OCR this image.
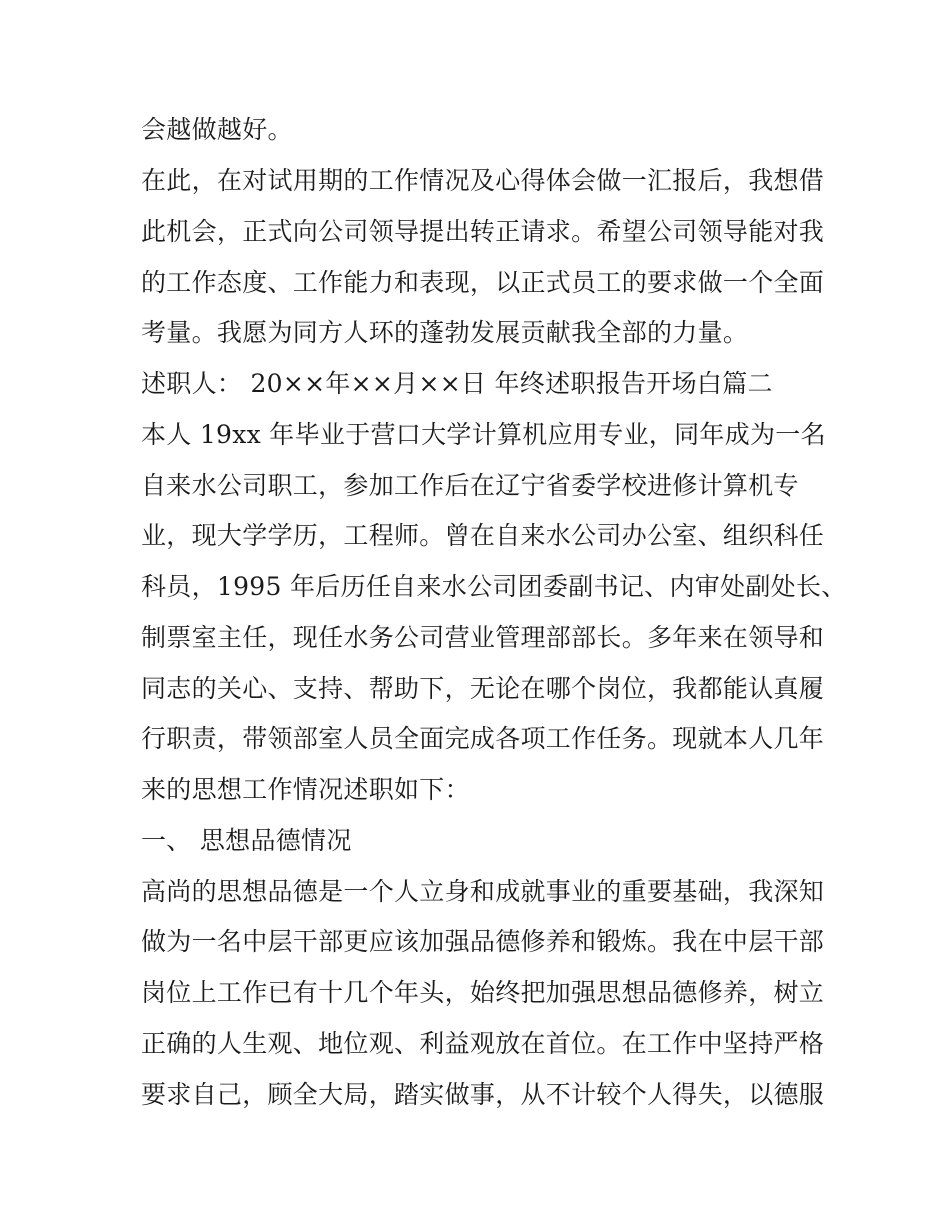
会越做越好。
在此，在对试用期的工作情况及心得体会做一汇报后，我想借
此机会，正式向公司领导提出转正请求。希望公司领导能对我
的工作态度、工作能力和表现，以正式员工的要求做一个全面
考量。我愿为同方人环的蓬勃发展贡献我全部的力量。
述职人： 20××年××月××日 年终述职报告开场白篇二
本人 19xx 年毕业于营口大学计算机应用专业，同年成为一名
自来水公司职工，参加工作后在辽宁省委学校进修计算机专
业，现大学学历，工程师。曾在自来水公司办公室、组织科任
科员，1995 年后历任自来水公司团委副书记、内审处副处长、
制票室主任，现任水务公司营业管理部部长。多年来在领导和
同志的关心、支持、帮助下，无论在哪个岗位，我都能认真履
行职责，带领部室人员全面完成各项工作任务。现就本人几年
来的思想工作情况述职如下：
一、 思想品德情况
高尚的思想品德是一个人立身和成就事业的重要基础，我深知
做为一名中层干部更应该加强品德修养和锻炼。我在中层干部
岗位上工作已有十几个年头，始终把加强思想品德修养，树立
正确的人生观、地位观、利益观放在首位。在工作中坚持严格
要求自己，顾全大局，踏实做事，从不计较个人得失，以德服
